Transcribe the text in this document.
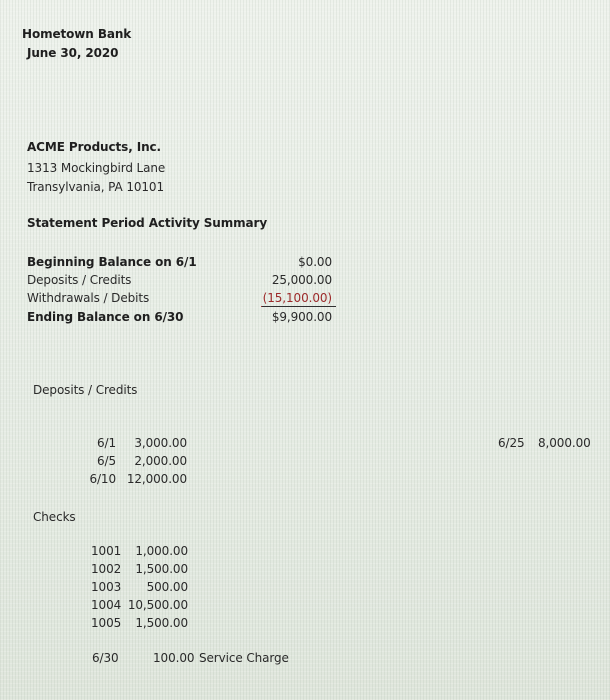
Hometown Bank
June 30, 2020
ACME Products, Inc.
1313 Mockingbird Lane
Transylvania, PA 10101
Statement Period Activity Summary
Beginning Balance on 6/1
Deposits / Credits
Withdrawals / Debits
Ending Balance on 6/30
$0.00
25,000.00
(15,100.00)
$9,900.00
Deposits / Credits
6/1
6/5
6/10
3,000.00
2,000.00
12,000.00
6/25 8,000.00
Checks
1001
1002
1003
1004
1005
1,000.00
1,500.00
500.00
10,500.00
1,500.00
6/30	100.00 Service Charge
